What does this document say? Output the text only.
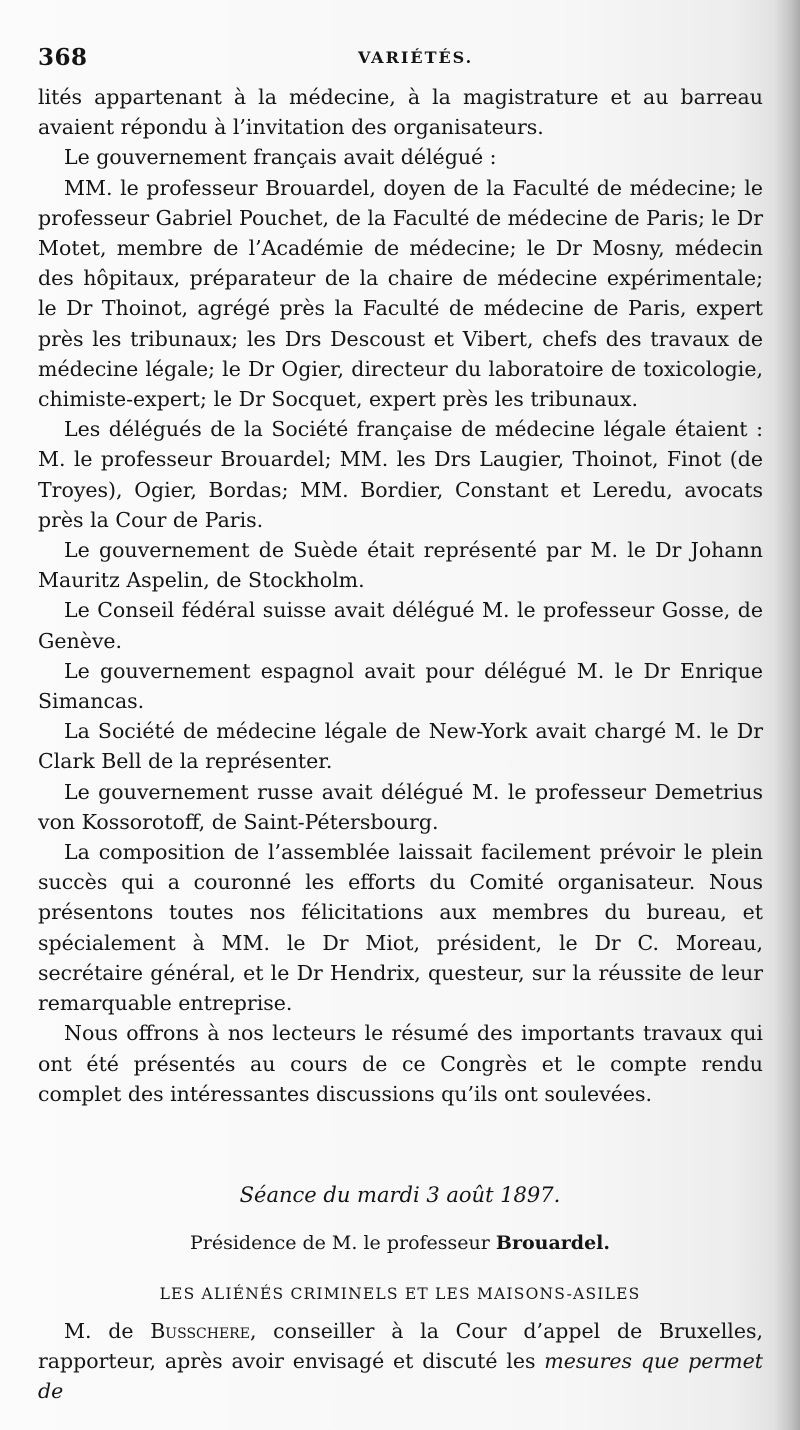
368	VARIÉTÉS.

lités appartenant à la médecine, à la magistrature et au barreau avaient répondu à l’invitation des organisateurs.

Le gouvernement français avait délégué :

MM. le professeur Brouardel, doyen de la Faculté de médecine; le professeur Gabriel Pouchet, de la Faculté de médecine de Paris; le Dr Motet, membre de l’Académie de médecine; le Dr Mosny, médecin des hôpitaux, préparateur de la chaire de médecine expérimentale; le Dr Thoinot, agrégé près la Faculté de médecine de Paris, expert près les tribunaux; les Drs Descoust et Vibert, chefs des travaux de médecine légale; le Dr Ogier, directeur du laboratoire de toxicologie, chimiste-expert; le Dr Socquet, expert près les tribunaux.

Les délégués de la Société française de médecine légale étaient : M. le professeur Brouardel; MM. les Drs Laugier, Thoinot, Finot (de Troyes), Ogier, Bordas; MM. Bordier, Constant et Leredu, avocats près la Cour de Paris.

Le gouvernement de Suède était représenté par M. le Dr Johann Mauritz Aspelin, de Stockholm.

Le Conseil fédéral suisse avait délégué M. le professeur Gosse, de Genève.

Le gouvernement espagnol avait pour délégué M. le Dr Enrique Simancas.

La Société de médecine légale de New-York avait chargé M. le Dr Clark Bell de la représenter.

Le gouvernement russe avait délégué M. le professeur Demetrius von Kossorotoff, de Saint-Pétersbourg.

La composition de l’assemblée laissait facilement prévoir le plein succès qui a couronné les efforts du Comité organisateur. Nous présentons toutes nos félicitations aux membres du bureau, et spécialement à MM. le Dr Miot, président, le Dr C. Moreau, secrétaire général, et le Dr Hendrix, questeur, sur la réussite de leur remarquable entreprise.

Nous offrons à nos lecteurs le résumé des importants travaux qui ont été présentés au cours de ce Congrès et le compte rendu complet des intéressantes discussions qu’ils ont soulevées.

Séance du mardi 3 août 1897.
Présidence de M. le professeur Brouardel.
LES ALIÉNÉS CRIMINELS ET LES MAISONS-ASILES
M. de Busschere, conseiller à la Cour d’appel de Bruxelles, rapporteur, après avoir envisagé et discuté les mesures que permet de
